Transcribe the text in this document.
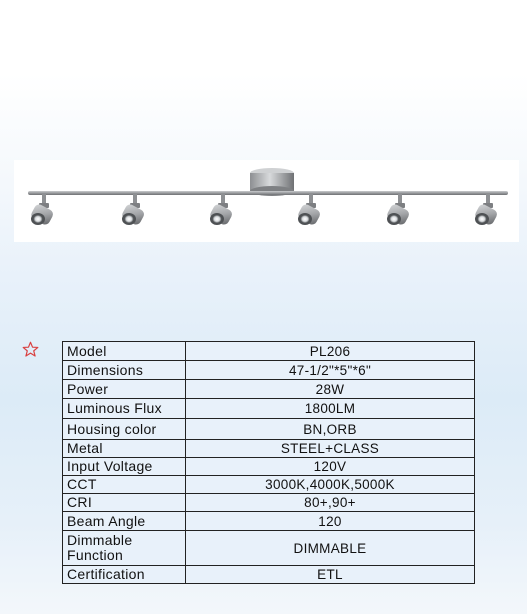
Model	PL206
Dimensions	47-1/2"*5"*6"
Power	28W
Luminous Flux	1800LM
Housing color	BN,ORB
Metal	STEEL+CLASS
Input Voltage	120V
CCT	3000K,4000K,5000K
CRI	80+,90+
Beam Angle	120
Dimmable Function	DIMMABLE
Certification	ETL
